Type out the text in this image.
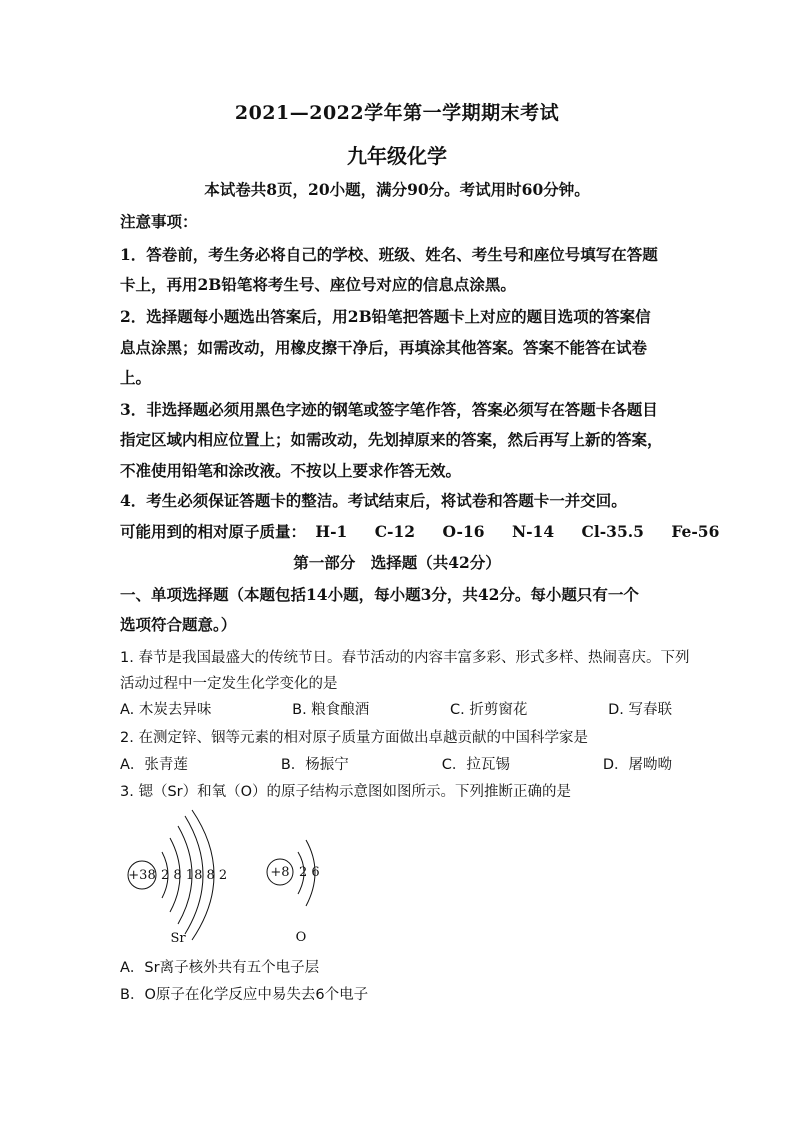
2021—2022学年第一学期期末考试
九年级化学
本试卷共8页，20小题，满分90分。考试用时60分钟。
注意事项：
1．答卷前，考生务必将自己的学校、班级、姓名、考生号和座位号填写在答题
卡上，再用2B铅笔将考生号、座位号对应的信息点涂黑。
2．选择题每小题选出答案后，用2B铅笔把答题卡上对应的题目选项的答案信
息点涂黑；如需改动，用橡皮擦干净后，再填涂其他答案。答案不能答在试卷
上。
3．非选择题必须用黑色字迹的钢笔或签字笔作答，答案必须写在答题卡各题目
指定区域内相应位置上；如需改动，先划掉原来的答案，然后再写上新的答案，
不准使用铅笔和涂改液。不按以上要求作答无效。
4．考生必须保证答题卡的整洁。考试结束后，将试卷和答题卡一并交回。
可能用到的相对原子质量： H-1 C-12 O-16 N-14 Cl-35.5 Fe-56
第一部分　选择题（共42分）
一、单项选择题（本题包括14小题，每小题3分，共42分。每小题只有一个
选项符合题意。）
1. 春节是我国最盛大的传统节日。春节活动的内容丰富多彩、形式多样、热闹喜庆。下列
活动过程中一定发生化学变化的是
A. 木炭去异味	B. 粮食酿酒	C. 折剪窗花	D. 写春联
2. 在测定锌、铟等元素的相对原子质量方面做出卓越贡献的中国科学家是
A．张青莲	B．杨振宁	C．拉瓦锡	D．屠呦呦
3. 锶（Sr）和氧（O）的原子结构示意图如图所示。下列推断正确的是
+38 2 8 18 8 2
Sr
+8 2 6
O
A．Sr离子核外共有五个电子层
B．O原子在化学反应中易失去6个电子
